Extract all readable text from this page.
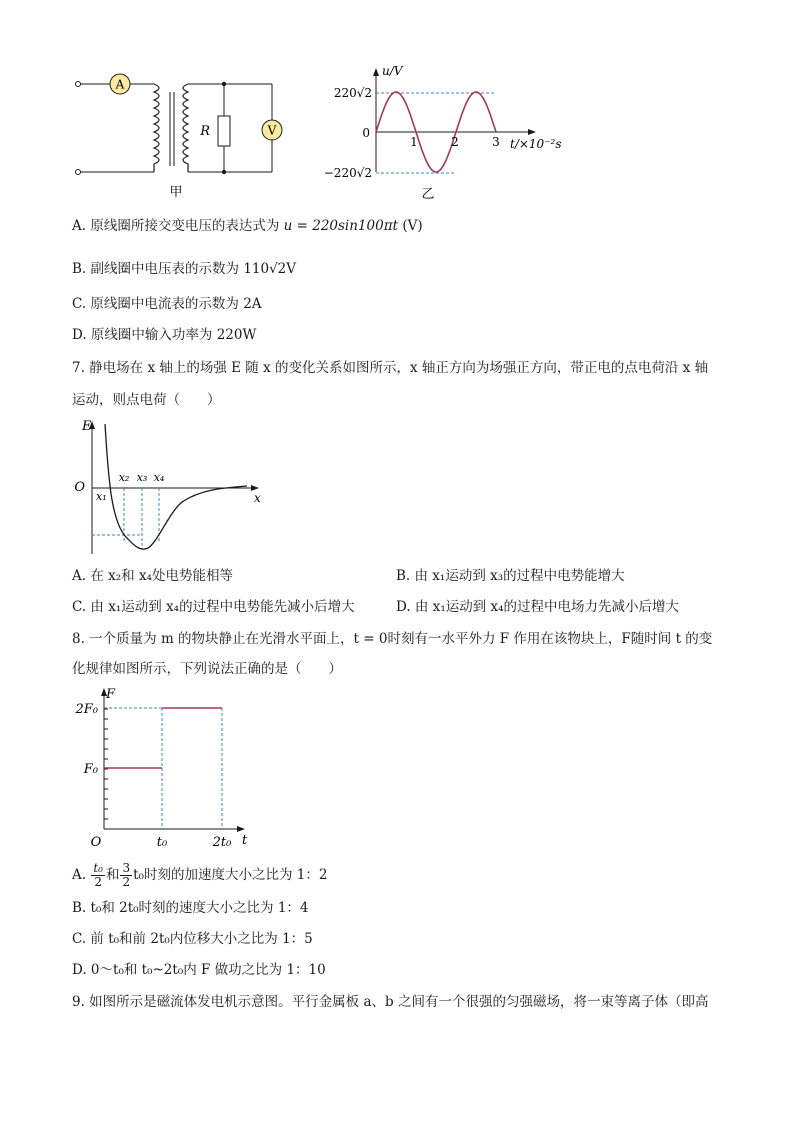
A
V
R
甲
220√2
−220√2
0
u/V
t/×10⁻²s
1	2	3
乙
A. 原线圈所接交变电压的表达式为 u = 220sin100πt (V)
B. 副线圈中电压表的示数为 110√2V
C. 原线圈中电流表的示数为 2A
D. 原线圈中输入功率为 220W
7. 静电场在 x 轴上的场强 E 随 x 的变化关系如图所示，x 轴正方向为场强正方向，带正电的点电荷沿 x 轴
运动，则点电荷（　　）
E
O
x
x₁
x₂ x₃ x₄
A. 在 x₂和 x₄处电势能相等	B. 由 x₁运动到 x₃的过程中电势能增大
C. 由 x₁运动到 x₄的过程中电势能先减小后增大	D. 由 x₁运动到 x₄的过程中电场力先减小后增大
8. 一个质量为 m 的物块静止在光滑水平面上，t = 0时刻有一水平外力 F 作用在该物块上，F随时间 t 的变
化规律如图所示，下列说法正确的是（　　）
F
2F₀
F₀
O	t₀	2t₀ t
A. $\frac{\text{t₀}}{2}$ 和 $\frac{3}{2} t_0$时刻的加速度大小之比为 1：2
B. t₀和 2t₀时刻的速度大小之比为 1：4
C. 前 t₀和前 2t₀内位移大小之比为 1：5
D. 0～t₀和 t₀~2t₀内 F 做功之比为 1：10
9. 如图所示是磁流体发电机示意图。平行金属板 a、b 之间有一个很强的匀强磁场，将一束等离子体（即高
